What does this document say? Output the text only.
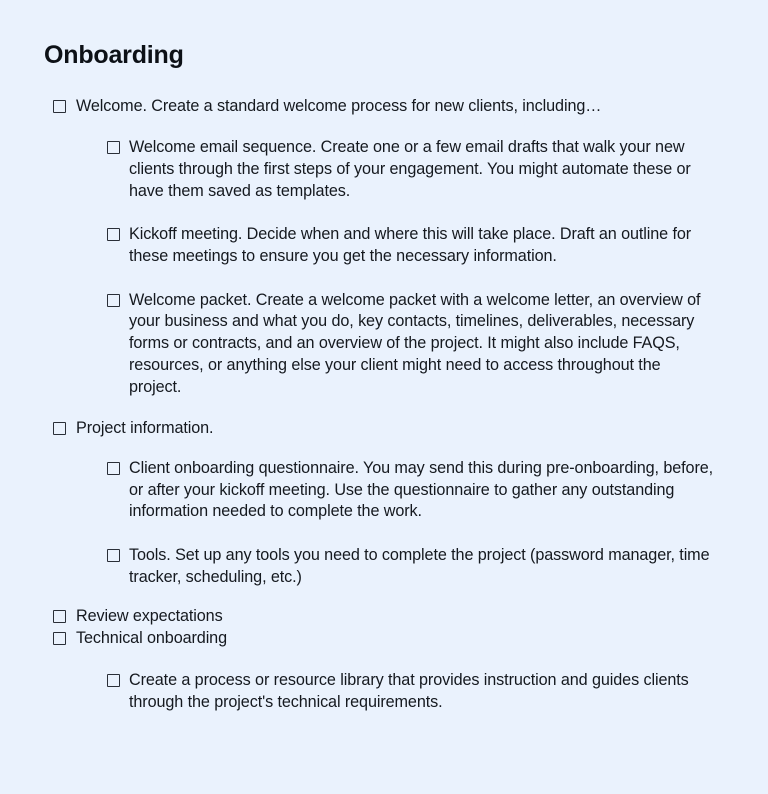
Onboarding
Welcome. Create a standard welcome process for new clients, including…
Welcome email sequence. Create one or a few email drafts that walk your new clients through the first steps of your engagement. You might automate these or have them saved as templates.
Kickoff meeting. Decide when and where this will take place. Draft an outline for these meetings to ensure you get the necessary information.
Welcome packet. Create a welcome packet with a welcome letter, an overview of your business and what you do, key contacts, timelines, deliverables, necessary forms or contracts, and an overview of the project. It might also include FAQS, resources, or anything else your client might need to access throughout the project.
Project information.
Client onboarding questionnaire. You may send this during pre-onboarding, before, or after your kickoff meeting. Use the questionnaire to gather any outstanding information needed to complete the work.
Tools. Set up any tools you need to complete the project (password manager, time tracker, scheduling, etc.)
Review expectations
Technical onboarding
Create a process or resource library that provides instruction and guides clients through the project's technical requirements.
